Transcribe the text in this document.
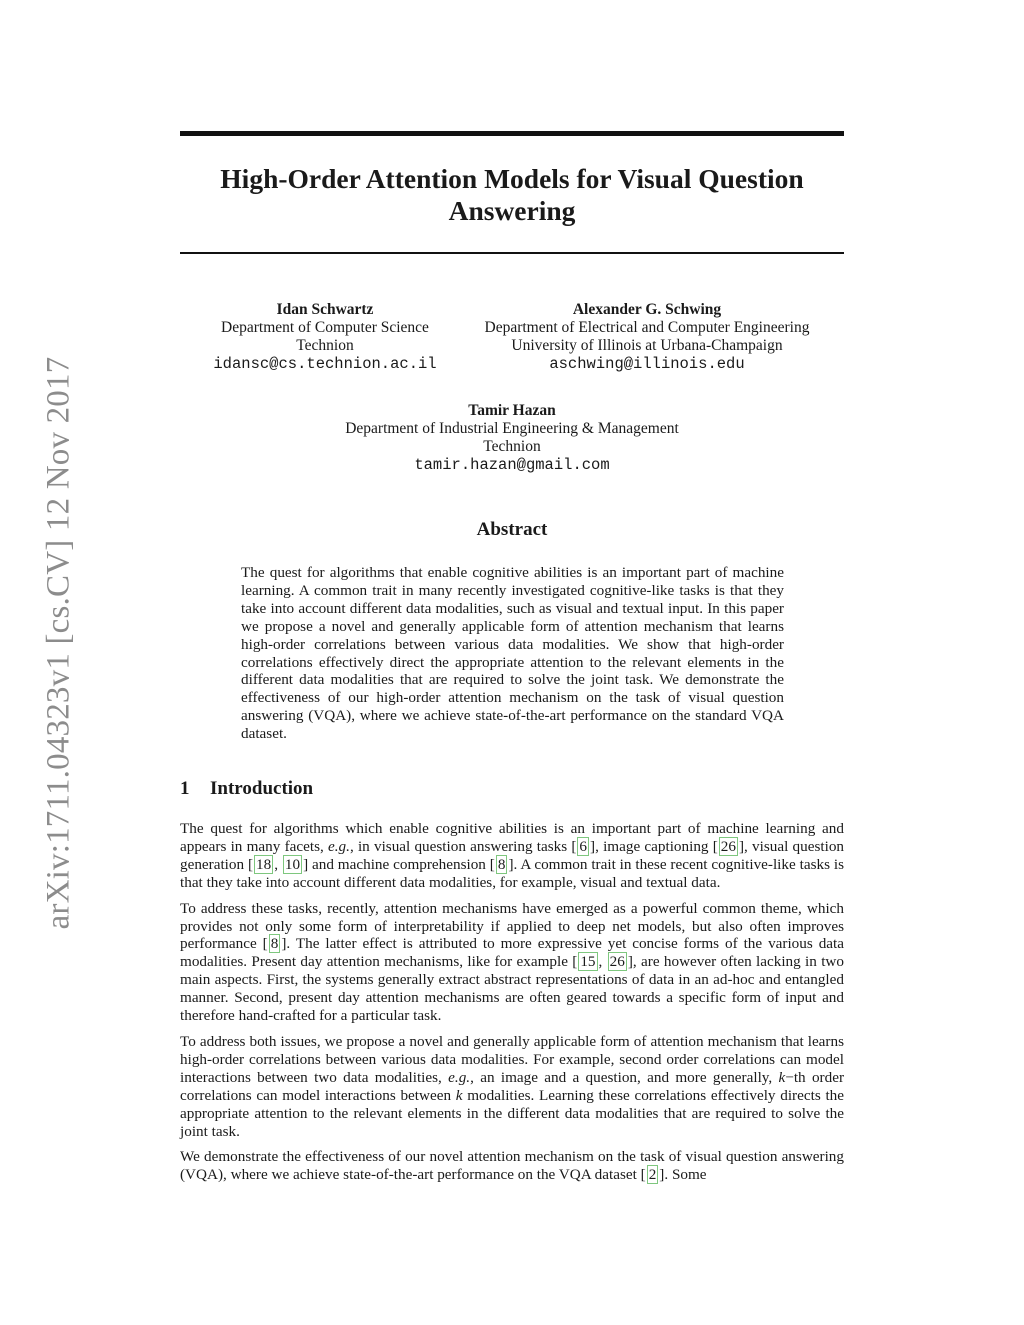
arXiv:1711.04323v1 [cs.CV] 12 Nov 2017
High-Order Attention Models for Visual Question Answering
Idan Schwartz
Department of Computer Science
Technion
idansc@cs.technion.ac.il
Alexander G. Schwing
Department of Electrical and Computer Engineering
University of Illinois at Urbana-Champaign
aschwing@illinois.edu
Tamir Hazan
Department of Industrial Engineering & Management
Technion
tamir.hazan@gmail.com
Abstract

The quest for algorithms that enable cognitive abilities is an important part of machine learning. A common trait in many recently investigated cognitive-like tasks is that they take into account different data modalities, such as visual and textual input. In this paper we propose a novel and generally applicable form of attention mechanism that learns high-order correlations between various data modalities. We show that high-order correlations effectively direct the appropriate attention to the relevant elements in the different data modalities that are required to solve the joint task. We demonstrate the effectiveness of our high-order attention mechanism on the task of visual question answering (VQA), where we achieve state-of-the-art performance on the standard VQA dataset.

1 Introduction

The quest for algorithms which enable cognitive abilities is an important part of machine learning and appears in many facets, e.g., in visual question answering tasks [ 6 ], image captioning [ 26 ], visual question generation [ 18 , 10 ] and machine comprehension [ 8 ]. A common trait in these recent cognitive-like tasks is that they take into account different data modalities, for example, visual and textual data.

To address these tasks, recently, attention mechanisms have emerged as a powerful common theme, which provides not only some form of interpretability if applied to deep net models, but also often improves performance [ 8 ]. The latter effect is attributed to more expressive yet concise forms of the various data modalities. Present day attention mechanisms, like for example [ 15 , 26 ], are however often lacking in two main aspects. First, the systems generally extract abstract representations of data in an ad-hoc and entangled manner. Second, present day attention mechanisms are often geared towards a specific form of input and therefore hand-crafted for a particular task.

To address both issues, we propose a novel and generally applicable form of attention mechanism that learns high-order correlations between various data modalities. For example, second order correlations can model interactions between two data modalities, e.g., an image and a question, and more generally, k−th order correlations can model interactions between k modalities. Learning these correlations effectively directs the appropriate attention to the relevant elements in the different data modalities that are required to solve the joint task.

We demonstrate the effectiveness of our novel attention mechanism on the task of visual question answering (VQA), where we achieve state-of-the-art performance on the VQA dataset [ 2 ]. Some
